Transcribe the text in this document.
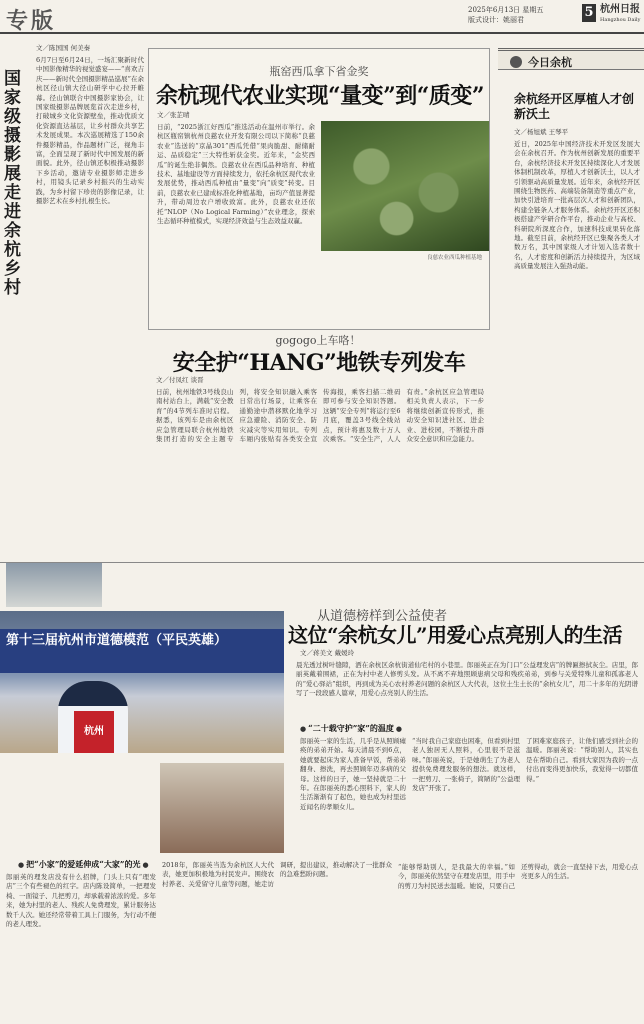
专版	2025年6月13日 星期五
版式设计：姚丽君	5 杭州日报
Hangzhou Daily
国家级摄影展走进余杭乡村
文／陈国国 何美秦
6月7日至6月24日，一场汇聚新时代中国影像精华的视觉盛宴——“喜欢吉庆——新时代全国摄影精品巡展”在余杭区径山镇大径山研学中心拉开帷幕。径山镇联合中国摄影家协会，让国家级摄影品牌展览首次走进乡村，打破城乡文化资源壁垒，推动优质文化资源直达基层，让乡村群众共享艺术发展成果。本次巡展精选了150余件摄影精品，作品题材广泛，视角丰富，全面呈现了新时代中国发展的新面貌。此外，径山镇还积极推动摄影下乡活动，邀请专业摄影师走进乡村，用镜头记录乡村振兴的生动实践，为乡村留下珍贵的影像记录，让摄影艺术在乡村扎根生长。
瓶窑西瓜拿下省金奖
余杭现代农业实现“量变”到“质变”
文／张芷晴
日前，“2025浙江好西瓜”推选活动在温州市举行。余杭区瓶窑镇杭州良慈农业开发有限公司以下简称“良慈农业”选送的“京晶301”西瓜凭借“果肉脆甜、耐储耐运、品质稳定”三大特性斩获金奖。近年来，“金奖西瓜”的诞生绝非偶然。良慈农业在西瓜品种培育、种植技术、基地建设等方面持续发力，依托余杭区现代农业发展优势，推动西瓜种植由“量变”向“质变”转变。目前，良慈农业已建成标准化种植基地，亩均产值显著提升，带动周边农户增收致富。此外，良慈农业还依托“NLOP（No Logical Farming）”农业理念，探索生态循环种植模式，实现经济效益与生态效益双赢。
良慈农业西瓜种植基地
gogogo上车咯！
安全护“HANG”地铁专列发车
文／付凤红 谈晋
日前，杭州地铁3号线良山南村站台上，满载“安全教育”的4节列车准时启程。据悉，该列车是由余杭区应急管理局联合杭州地铁集团打造的安全主题专列，将安全知识融入乘客日常出行场景，让乘客在通勤途中潜移默化地学习应急避险、消防安全、防灾减灾等实用知识。专列车厢内张贴有各类安全宣传海报，乘客扫描二维码即可参与安全知识答题。这辆“安全专列”将运行至6月底，覆盖3号线全线站点，预计将惠及数十万人次乘客。“安全生产，人人有责。”余杭区应急管理局相关负责人表示，下一步将继续创新宣传形式，推动安全知识进社区、进企业、进校园，不断提升群众安全意识和应急能力。
今日余杭
余杭经开区厚植人才创新沃土
文／杨旭斌 王琴平
近日，2025年中国经济技术开发区发展大会在余杭召开。作为杭州创新发展的重要平台，余杭经济技术开发区持续深化人才发展体制机制改革，厚植人才创新沃土，以人才引领驱动高质量发展。近年来，余杭经开区围绕生物医药、高端装备制造等重点产业，加快引进培育一批高层次人才和创新团队，构建全链条人才服务体系。余杭经开区还积极搭建产学研合作平台，推动企业与高校、科研院所深度合作，加速科技成果转化落地。截至目前，余杭经开区已集聚各类人才数万名，其中国家级人才计划入选者数十名，人才密度和创新活力持续提升，为区域高质量发展注入强劲动能。
从道德榜样到公益使者
这位“余杭女儿”用爱心点亮别人的生活
文／蒋美文 戴媛玲
晨光透过树叶缝隙，洒在余杭区余杭街道仙宅村的小巷里。郎丽英正在为门口“公益理发店”的牌匾擦拭灰尘。店里，郎丽英戴着围裙，正在为村中老人修剪头发。从不离不弃地照顾患病父母和残疾弟弟，到参与关爱特殊儿童和孤寡老人的“爱心驿站”组织，再到成为关心农村养老问题的余杭区人大代表，这位土生土长的“余杭女儿”，用二十多年的光阴谱写了一段段感人篇章，用爱心点亮别人的生活。
第十三届杭州市道德模范（平民英雄）
杭州
●	“二十载守护”家”的温度 ●
郎丽英一家的生活，几乎是从照顾瘫痪的弟弟开始。每天清晨不到6点，她就要起床为家人准备早饭，帮弟弟翻身、擦洗，再去照顾年迈多病的父母。这样的日子，她一坚持就是二十年。在郎丽英的悉心照料下，家人的生活渐渐有了起色，她也成为村里远近闻名的孝顺女儿。
“当时我自己家庭也困难，但看到村里老人独居无人照料，心里很不是滋味。”郎丽英说，于是她萌生了为老人提供免费理发服务的想法。就这样，一把剪刀、一张椅子，简陋的“公益理发店”开张了。
了困难家庭孩子，让他们感受到社会的温暖。郎丽英说：“帮助别人，其实也是在帮助自己。看到大家因为我的一点付出而变得更加快乐，我觉得一切都值得。”
● 把“小家”的爱延伸成“大家”的光 ●
郎丽英的理发店没有什么招牌，门头上只有“理发店”三个有些褪色的红字。店内陈设简单，一把理发椅、一面镜子、几把剪刀，却承载着浓浓的爱。多年来，她为村里的老人、残疾人免费理发，累计服务达数千人次。她还经常带着工具上门服务，为行动不便的老人理发。
2018年，郎丽英当选为余杭区人大代表，她更加积极地为村民发声。围绕农村养老、关爱留守儿童等问题，她走访调研，提出建议，推动解决了一批群众的急难愁盼问题。
“能够帮助别人，是我最大的幸福。”如今，郎丽英依然坚守在理发店里，用手中的剪刀为村民送去温暖。她说，只要自己还剪得动，就会一直坚持下去，用爱心点亮更多人的生活。
